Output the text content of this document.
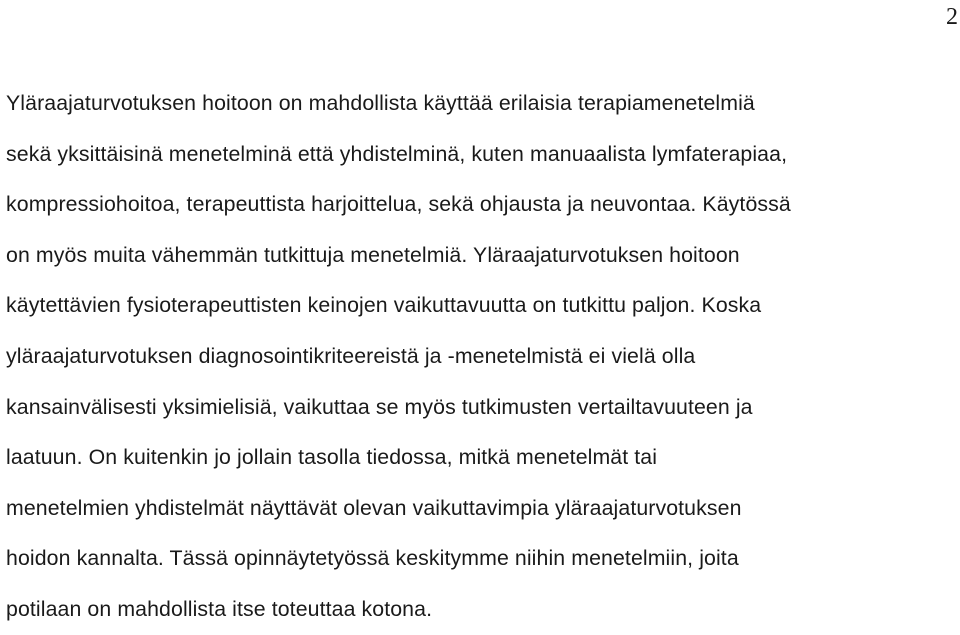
2
Yläraajaturvotuksen hoitoon on mahdollista käyttää erilaisia terapiamenetelmiä
sekä yksittäisinä menetelminä että yhdistelminä, kuten manuaalista lymfaterapiaa,
kompressiohoitoa, terapeuttista harjoittelua, sekä ohjausta ja neuvontaa. Käytössä
on myös muita vähemmän tutkittuja menetelmiä. Yläraajaturvotuksen hoitoon
käytettävien fysioterapeuttisten keinojen vaikuttavuutta on tutkittu paljon. Koska
yläraajaturvotuksen diagnosointikriteereistä ja -menetelmistä ei vielä olla
kansainvälisesti yksimielisiä, vaikuttaa se myös tutkimusten vertailtavuuteen ja
laatuun. On kuitenkin jo jollain tasolla tiedossa, mitkä menetelmät tai
menetelmien yhdistelmät näyttävät olevan vaikuttavimpia yläraajaturvotuksen
hoidon kannalta. Tässä opinnäytetyössä keskitymme niihin menetelmiin, joita
potilaan on mahdollista itse toteuttaa kotona.
